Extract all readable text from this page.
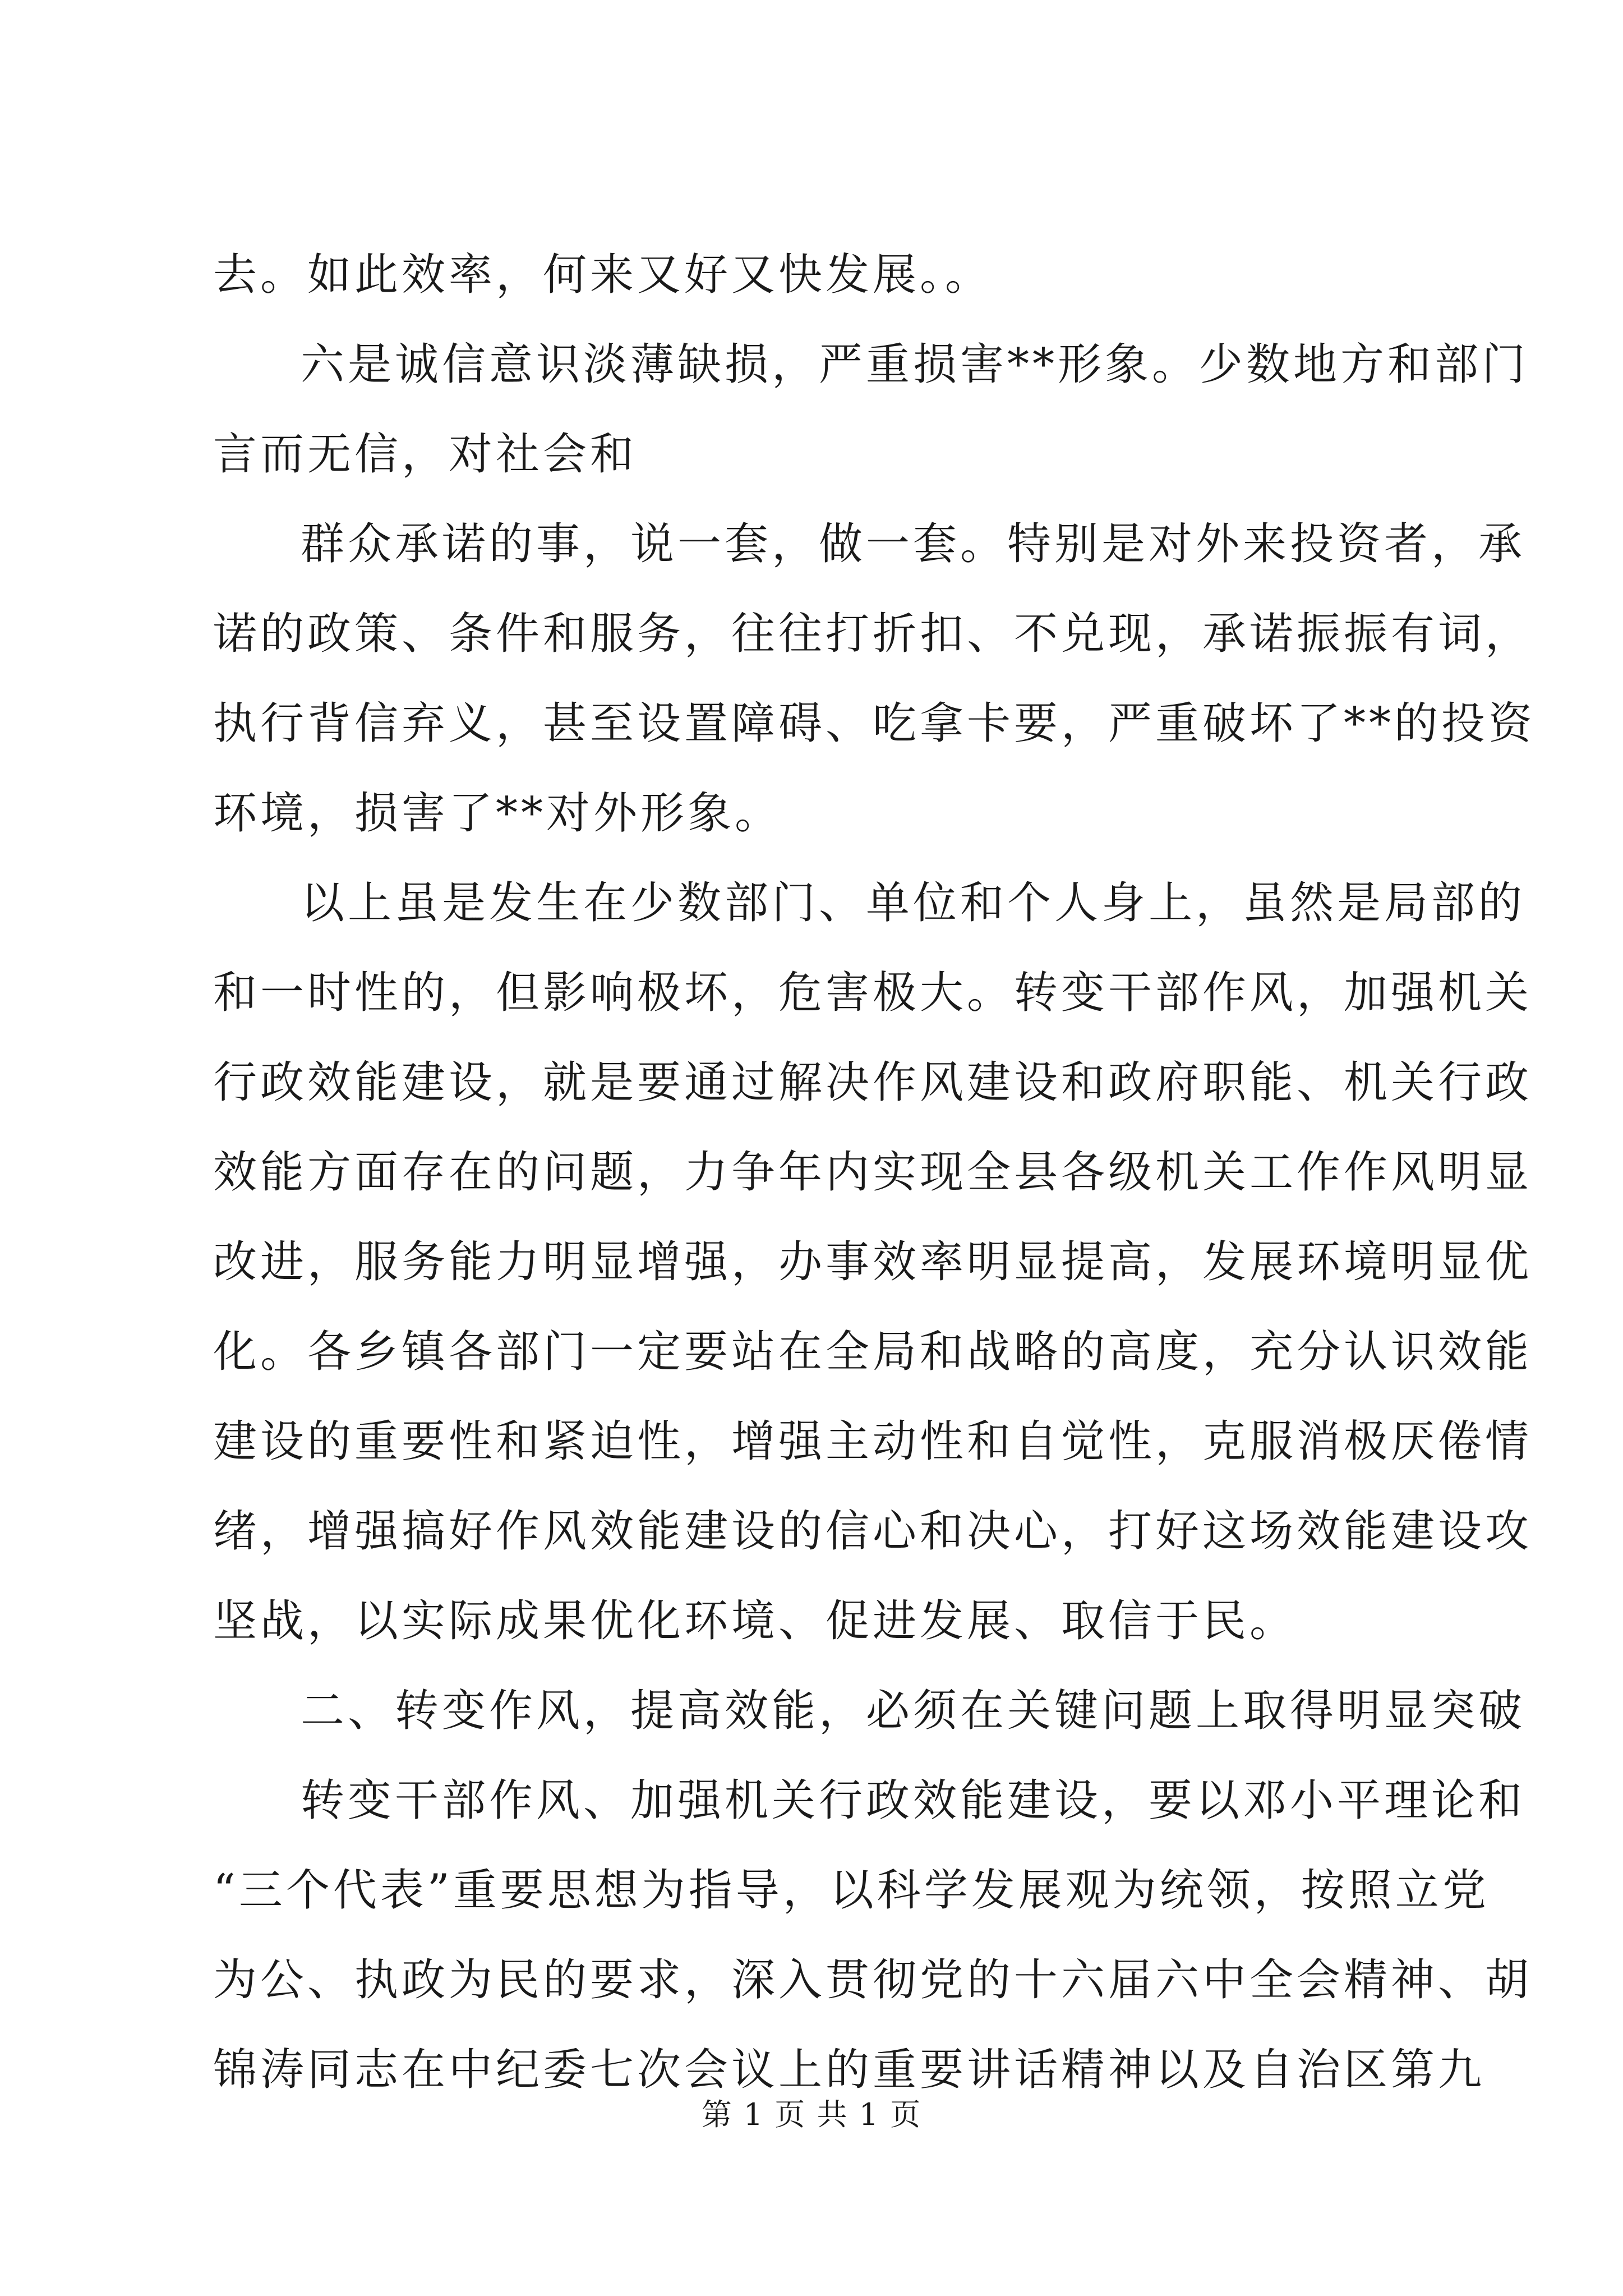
去。如此效率，何来又好又快发展。。
六是诚信意识淡薄缺损，严重损害**形象。少数地方和部门
言而无信，对社会和
群众承诺的事，说一套，做一套。特别是对外来投资者，承
诺的政策、条件和服务，往往打折扣、不兑现，承诺振振有词，
执行背信弃义，甚至设置障碍、吃拿卡要，严重破坏了**的投资
环境，损害了**对外形象。
以上虽是发生在少数部门、单位和个人身上，虽然是局部的
和一时性的，但影响极坏，危害极大。转变干部作风，加强机关
行政效能建设，就是要通过解决作风建设和政府职能、机关行政
效能方面存在的问题，力争年内实现全县各级机关工作作风明显
改进，服务能力明显增强，办事效率明显提高，发展环境明显优
化。各乡镇各部门一定要站在全局和战略的高度，充分认识效能
建设的重要性和紧迫性，增强主动性和自觉性，克服消极厌倦情
绪，增强搞好作风效能建设的信心和决心，打好这场效能建设攻
坚战，以实际成果优化环境、促进发展、取信于民。
二、转变作风，提高效能，必须在关键问题上取得明显突破
转变干部作风、加强机关行政效能建设，要以邓小平理论和
“三个代表”重要思想为指导，以科学发展观为统领，按照立党
为公、执政为民的要求，深入贯彻党的十六届六中全会精神、胡
锦涛同志在中纪委七次会议上的重要讲话精神以及自治区第九
第 1 页 共 1 页
